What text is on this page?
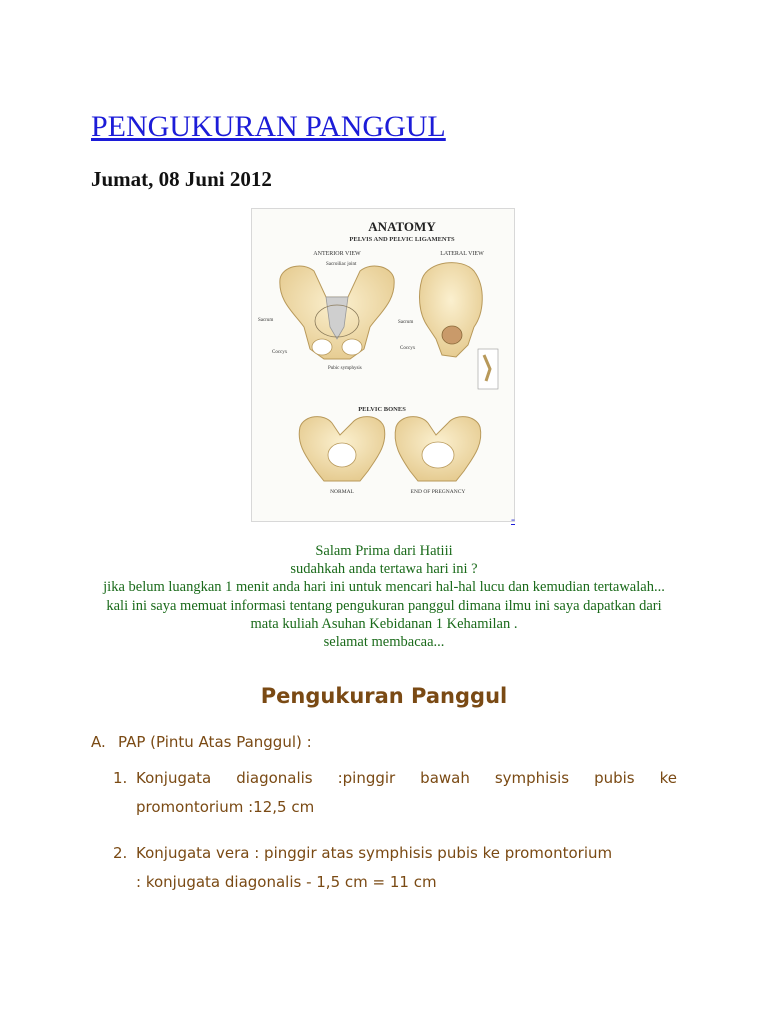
PENGUKURAN PANGGUL
Jumat, 08 Juni 2012
ANATOMY
PELVIS AND PELVIC LIGAMENTS
ANTERIOR VIEW	LATERAL VIEW
Sacroiliac joint
Sacrum
Coccyx
Pubic symphysis
Sacrum
Coccyx
PELVIC BONES
NORMAL	END OF PREGNANCY
-
Salam Prima dari Hatiii
sudahkah anda tertawa hari ini ?
jika belum luangkan 1 menit anda hari ini untuk mencari hal-hal lucu dan kemudian tertawalah...
kali ini saya memuat informasi tentang pengukuran panggul dimana ilmu ini saya dapatkan dari
mata kuliah Asuhan Kebidanan 1 Kehamilan .
selamat membacaa...
Pengukuran Panggul
A. PAP (Pintu Atas Panggul) :
1. Konjugata diagonalis :pinggir bawah symphisis pubis ke
promontorium :12,5 cm
2. Konjugata vera : pinggir atas symphisis pubis ke promontorium
: konjugata diagonalis - 1,5 cm = 11 cm
